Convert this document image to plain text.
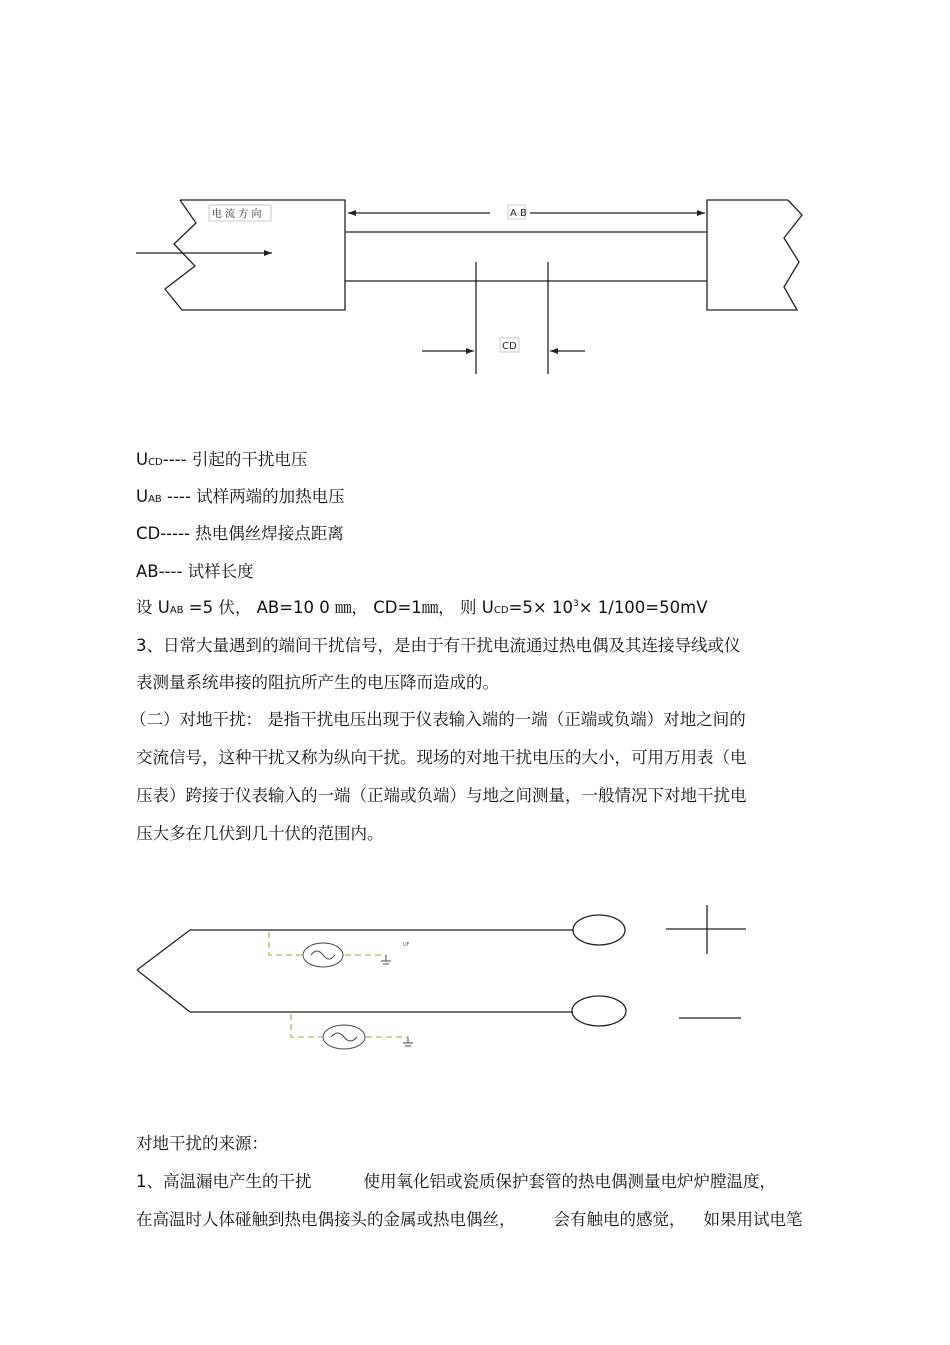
电 流 方 向	A B
CD
UCD---- 引起的干扰电压
UAB ---- 试样两端的加热电压
CD----- 热电偶丝焊接点距离
AB---- 试样长度
设 UAB =5 伏， AB=10 0 ㎜， CD=1㎜， 则 $UCD=5\times 10^3\times 1/100=50mV$
3、日常大量遇到的端间干扰信号，是由于有干扰电流通过热电偶及其连接导线或仪
表测量系统串接的阻抗所产生的电压降而造成的。
（二）对地干扰： 是指干扰电压出现于仪表输入端的一端（正端或负端）对地之间的
交流信号，这种干扰又称为纵向干扰。现场的对地干扰电压的大小，可用万用表（电
压表）跨接于仪表输入的一端（正端或负端）与地之间测量，一般情况下对地干扰电
压大多在几伏到几十伏的范围内。
UF
对地干扰的来源：
1、高温漏电产生的干扰	使用氧化铝或瓷质保护套管的热电偶测量电炉炉膛温度，
在高温时人体碰触到热电偶接头的金属或热电偶丝， 会有触电的感觉， 如果用试电笔
